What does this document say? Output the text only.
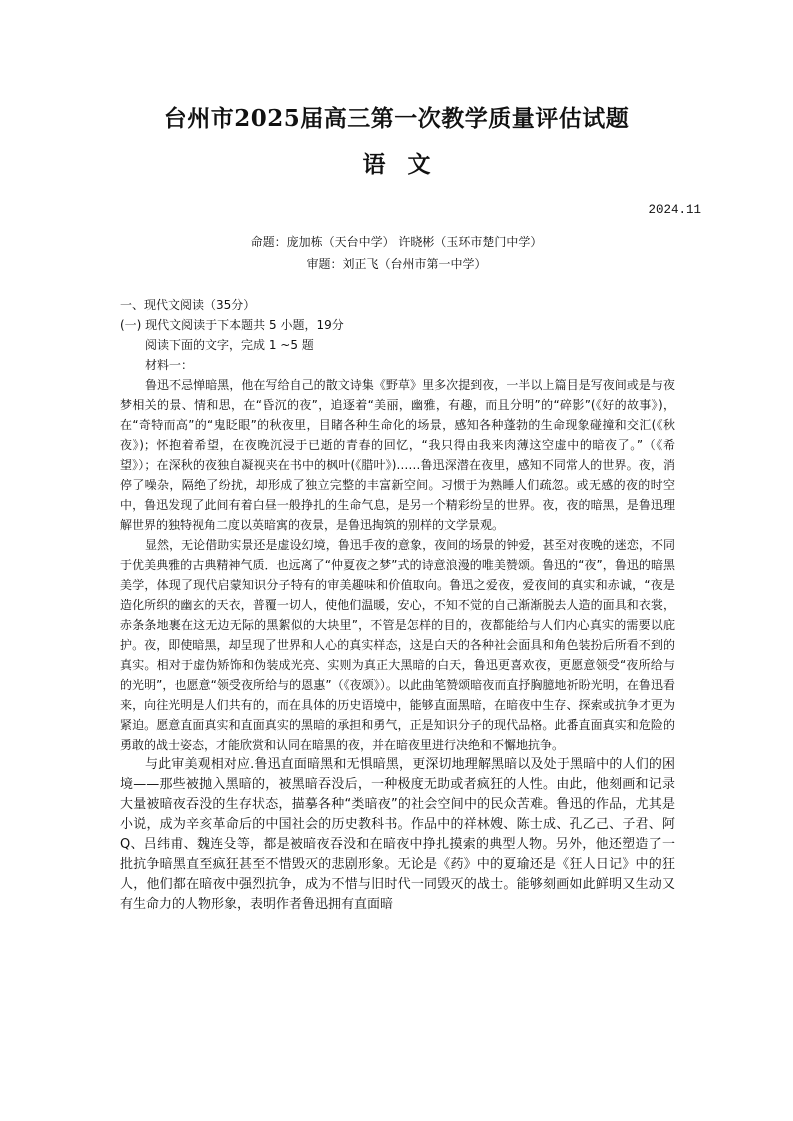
台州市2025届高三第一次教学质量评估试题
语文
2024.11
命题：庞加栋（天台中学） 许晓彬（玉环市楚门中学）
审题：刘正飞（台州市第一中学）

一、现代文阅读（35分）

(一) 现代文阅读于下本题共 5 小题，19分

阅读下面的文字，完成 1 ~5 题

材料一：

鲁迅不忌惮暗黑，他在写给自己的散文诗集《野草》里多次提到夜，一半以上篇目是写夜间或是与夜梦相关的景、情和思，在“昏沉的夜”，追逐着“美丽，幽雅，有趣，而且分明”的“碎影”(《好的故事》)，在“奇特而高”的“鬼眨眼”的秋夜里，目睹各种生命化的场景，感知各种蓬勃的生命现象碰撞和交汇(《秋夜》)；怀抱着希望，在夜晚沉浸于已逝的青春的回忆，“我只得由我来肉薄这空虚中的暗夜了。”（《希望》）；在深秋的夜独自凝视夹在书中的枫叶(《腊叶》)……鲁迅深潜在夜里，感知不同常人的世界。夜，消停了噪杂，隔绝了纷扰，却形成了独立完整的丰富新空间。习惯于为熟睡人们疏忽。或无感的夜的时空中，鲁迅发现了此间有着白昼一般挣扎的生命气息，是另一个精彩纷呈的世界。夜，夜的暗黑，是鲁迅理解世界的独特视角二度以英暗寓的夜景，是鲁迅掏筑的别样的文学景观。

显然，无论借助实景还是虚设幻境，鲁迅手夜的意象，夜间的场景的钟爱，甚至对夜晚的迷恋，不同于优美典雅的古典精神气质．也远离了“仲夏夜之梦”式的诗意浪漫的唯美赞颂。鲁迅的“夜”，鲁迅的暗黑美学，体现了现代启蒙知识分子特有的审美趣味和价值取向。鲁迅之爱夜，爱夜间的真实和赤诚，“夜是造化所织的幽玄的天衣，普覆一切人，使他们温暖，安心，不知不觉的自己渐渐脱去人造的面具和衣裳，赤条条地裹在这无边无际的黑絮似的大块里”，不管是怎样的目的，夜都能给与人们内心真实的需要以庇护。夜，即使暗黑，却呈现了世界和人心的真实样态，这是白天的各种社会面具和角色装扮后所看不到的真实。相对于虚伪矫饰和伪装成光亮、实则为真正大黑暗的白天，鲁迅更喜欢夜，更愿意领受“夜所给与的光明”，也愿意“领受夜所给与的恩惠”（《夜颂》）。以此曲笔赞颂暗夜而直抒胸臆地祈盼光明，在鲁迅看来，向往光明是人们共有的，而在具体的历史语境中，能够直面黑暗，在暗夜中生存、探索或抗争才更为紧迫。愿意直面真实和直面真实的黑暗的承担和勇气，正是知识分子的现代品格。此番直面真实和危险的勇敢的战士姿态，才能欣赏和认同在暗黑的夜，并在暗夜里进行决绝和不懈地抗争。

与此审美观相对应.鲁迅直面暗黑和无惧暗黑，更深切地理解黑暗以及处于黑暗中的人们的困境——那些被抛入黑暗的，被黑暗吞没后，一种极度无助或者疯狂的人性。由此，他刻画和记录大量被暗夜吞没的生存状态，描摹各种“类暗夜”的社会空间中的民众苦难。鲁迅的作品，尤其是小说，成为辛亥革命后的中国社会的历史教科书。作品中的祥林嫂、陈士成、孔乙己、子君、阿Q、吕纬甫、魏连殳等，都是被暗夜吞没和在暗夜中挣扎摸索的典型人物。另外，他还塑造了一批抗争暗黑直至疯狂甚至不惜毁灭的悲剧形象。无论是《药》中的夏瑜还是《狂人日记》中的狂人，他们都在暗夜中强烈抗争，成为不惜与旧时代一同毁灭的战士。能够刻画如此鲜明又生动又有生命力的人物形象，表明作者鲁迅拥有直面暗
